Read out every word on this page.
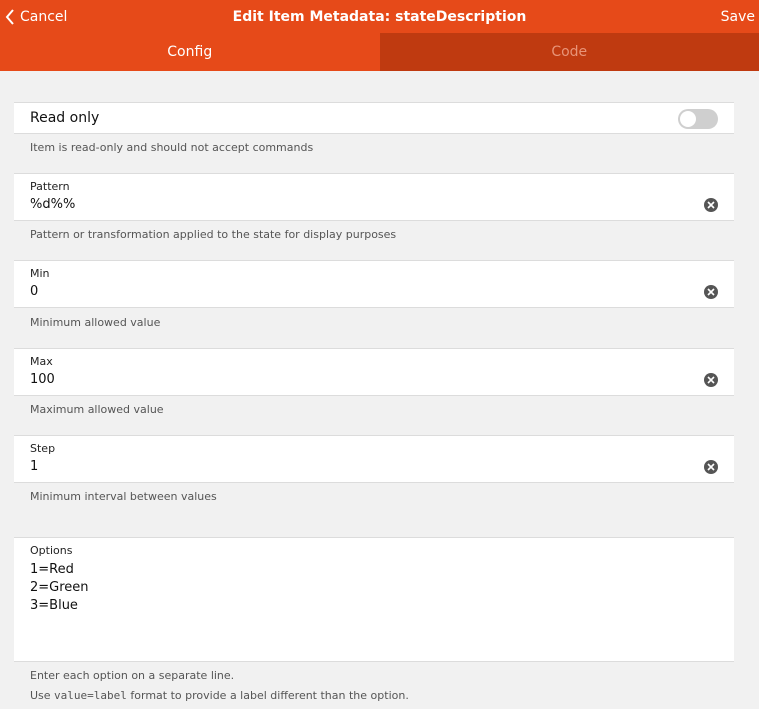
Cancel	Edit Item Metadata: stateDescription	Save
Config	Code
Read only
Item is read-only and should not accept commands
Pattern
%d%%
Pattern or transformation applied to the state for display purposes
Min
0
Minimum allowed value
Max
100
Maximum allowed value
Step
1
Minimum interval between values
Options
1=Red
2=Green
3=Blue
Enter each option on a separate line.
Use value=label format to provide a label different than the option.
